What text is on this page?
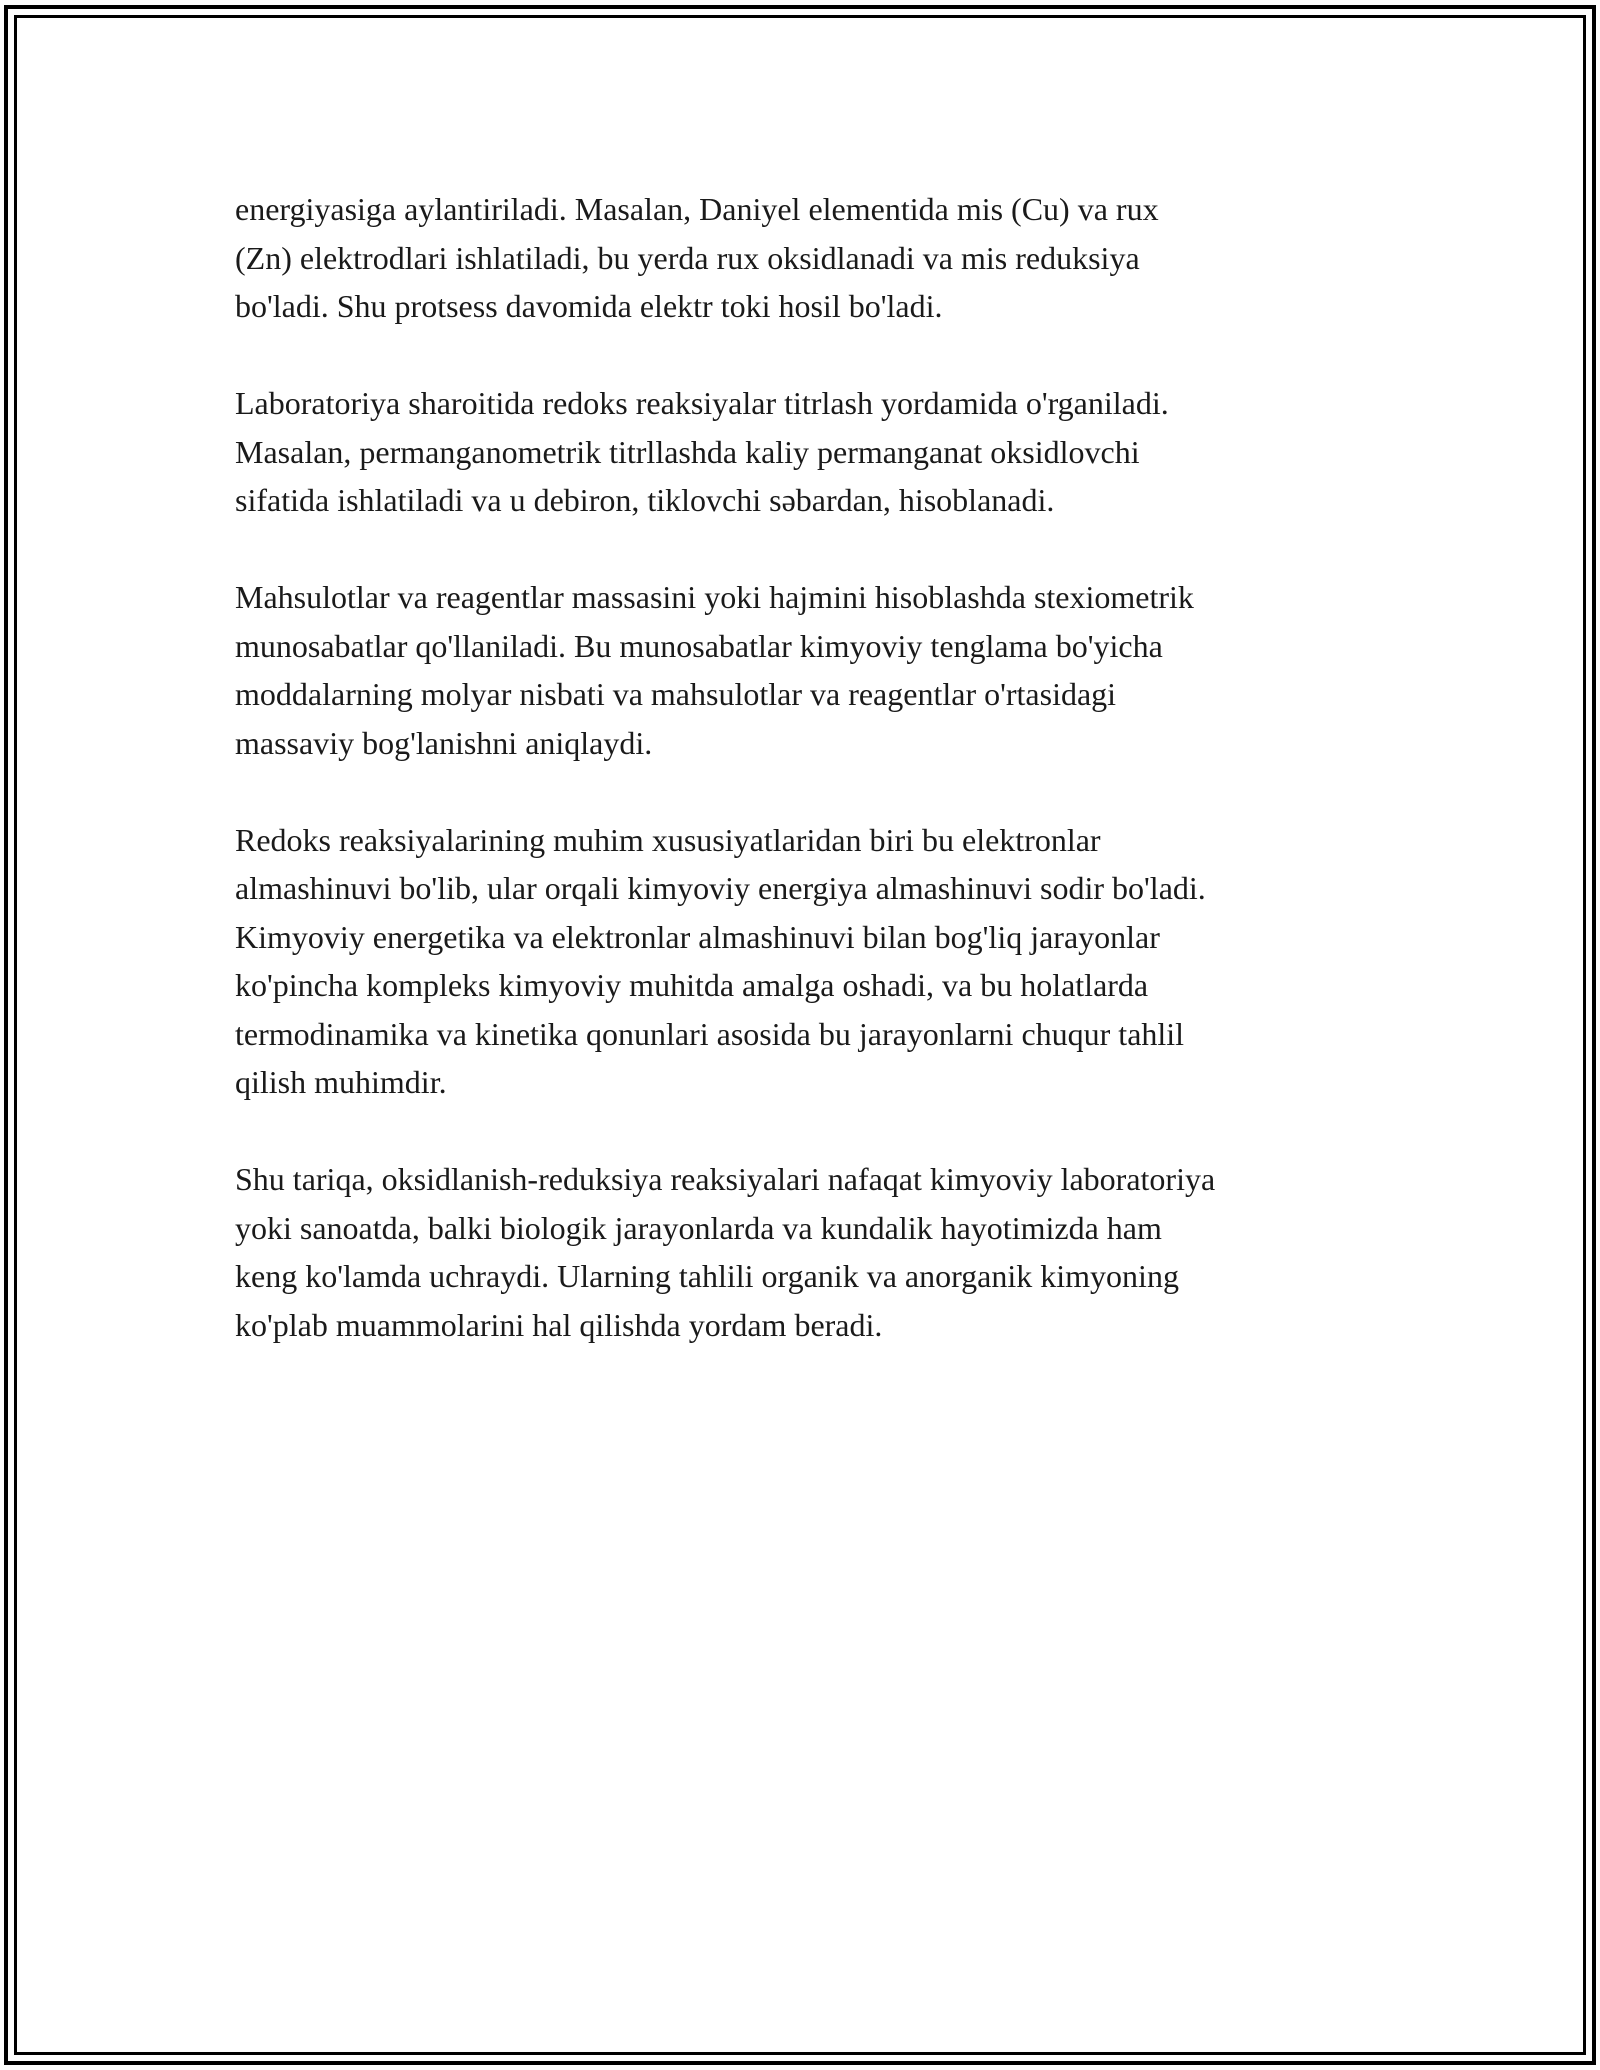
energiyasiga aylantiriladi. Masalan, Daniyel elementida mis (Cu) va rux
(Zn) elektrodlari ishlatiladi, bu yerda rux oksidlanadi va mis reduksiya
bo'ladi. Shu protsess davomida elektr toki hosil bo'ladi.

Laboratoriya sharoitida redoks reaksiyalar titrlash yordamida o'rganiladi.
Masalan, permanganometrik titrllashda kaliy permanganat oksidlovchi
sifatida ishlatiladi va u debiron, tiklovchi səbardan, hisoblanadi.

Mahsulotlar va reagentlar massasini yoki hajmini hisoblashda stexiometrik
munosabatlar qo'llaniladi. Bu munosabatlar kimyoviy tenglama bo'yicha
moddalarning molyar nisbati va mahsulotlar va reagentlar o'rtasidagi
massaviy bog'lanishni aniqlaydi.

Redoks reaksiyalarining muhim xususiyatlaridan biri bu elektronlar
almashinuvi bo'lib, ular orqali kimyoviy energiya almashinuvi sodir bo'ladi.
Kimyoviy energetika va elektronlar almashinuvi bilan bog'liq jarayonlar
ko'pincha kompleks kimyoviy muhitda amalga oshadi, va bu holatlarda
termodinamika va kinetika qonunlari asosida bu jarayonlarni chuqur tahlil
qilish muhimdir.

Shu tariqa, oksidlanish-reduksiya reaksiyalari nafaqat kimyoviy laboratoriya
yoki sanoatda, balki biologik jarayonlarda va kundalik hayotimizda ham
keng ko'lamda uchraydi. Ularning tahlili organik va anorganik kimyoning
ko'plab muammolarini hal qilishda yordam beradi.
